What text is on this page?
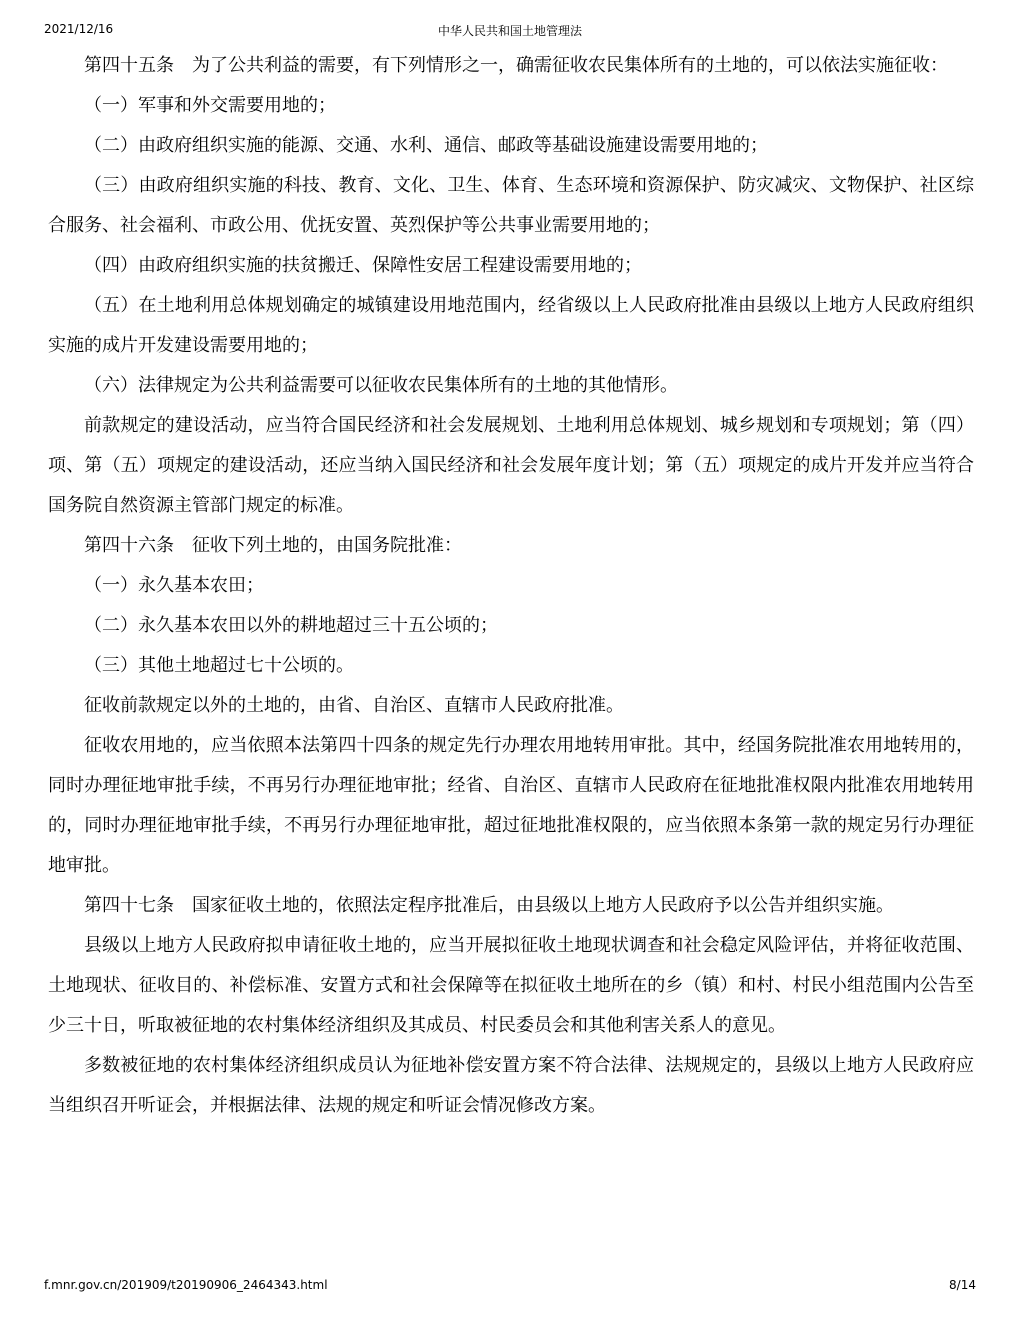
2021/12/16	中华人民共和国土地管理法

第四十五条　为了公共利益的需要，有下列情形之一，确需征收农民集体所有的土地的，可以依法实施征收：

（一）军事和外交需要用地的；

（二）由政府组织实施的能源、交通、水利、通信、邮政等基础设施建设需要用地的；

（三）由政府组织实施的科技、教育、文化、卫生、体育、生态环境和资源保护、防灾减灾、文物保护、社区综合服务、社会福利、市政公用、优抚安置、英烈保护等公共事业需要用地的；

（四）由政府组织实施的扶贫搬迁、保障性安居工程建设需要用地的；

（五）在土地利用总体规划确定的城镇建设用地范围内，经省级以上人民政府批准由县级以上地方人民政府组织实施的成片开发建设需要用地的；

（六）法律规定为公共利益需要可以征收农民集体所有的土地的其他情形。

前款规定的建设活动，应当符合国民经济和社会发展规划、土地利用总体规划、城乡规划和专项规划；第（四）项、第（五）项规定的建设活动，还应当纳入国民经济和社会发展年度计划；第（五）项规定的成片开发并应当符合国务院自然资源主管部门规定的标准。

第四十六条　征收下列土地的，由国务院批准：

（一）永久基本农田；

（二）永久基本农田以外的耕地超过三十五公顷的；

（三）其他土地超过七十公顷的。

征收前款规定以外的土地的，由省、自治区、直辖市人民政府批准。

征收农用地的，应当依照本法第四十四条的规定先行办理农用地转用审批。其中，经国务院批准农用地转用的，同时办理征地审批手续，不再另行办理征地审批；经省、自治区、直辖市人民政府在征地批准权限内批准农用地转用的，同时办理征地审批手续，不再另行办理征地审批，超过征地批准权限的，应当依照本条第一款的规定另行办理征地审批。

第四十七条　国家征收土地的，依照法定程序批准后，由县级以上地方人民政府予以公告并组织实施。

县级以上地方人民政府拟申请征收土地的，应当开展拟征收土地现状调查和社会稳定风险评估，并将征收范围、土地现状、征收目的、补偿标准、安置方式和社会保障等在拟征收土地所在的乡（镇）和村、村民小组范围内公告至少三十日，听取被征地的农村集体经济组织及其成员、村民委员会和其他利害关系人的意见。

多数被征地的农村集体经济组织成员认为征地补偿安置方案不符合法律、法规规定的，县级以上地方人民政府应当组织召开听证会，并根据法律、法规的规定和听证会情况修改方案。

f.mnr.gov.cn/201909/t20190906_2464343.html	8/14
